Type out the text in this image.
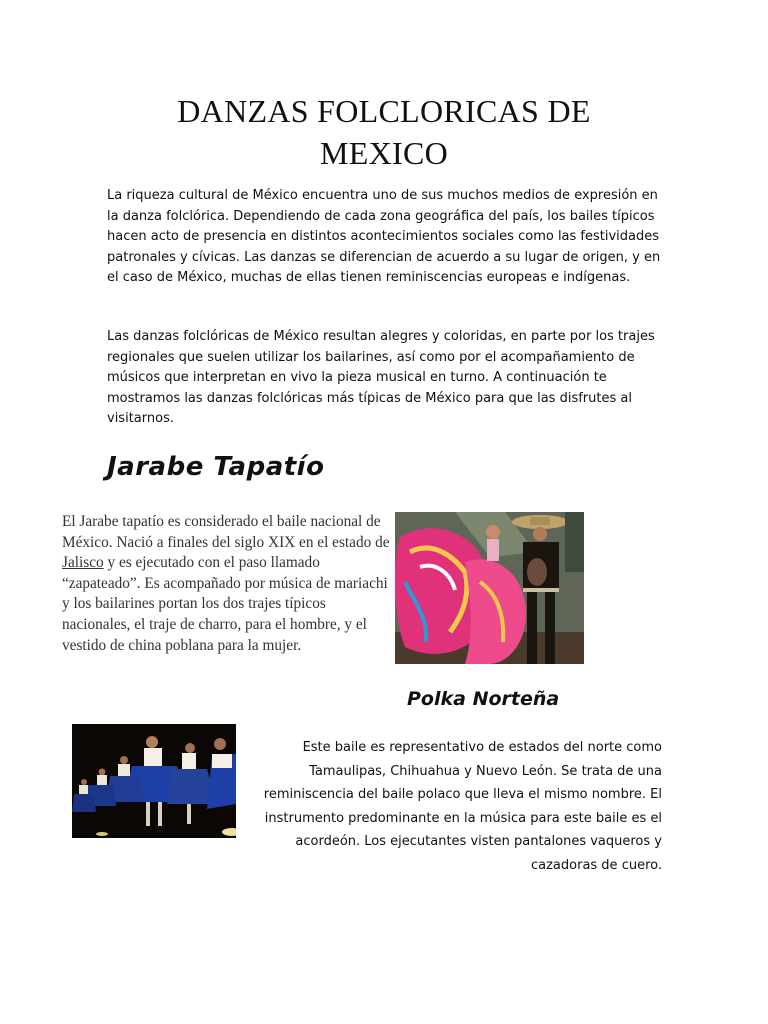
DANZAS FOLCLORICAS DE MEXICO

La riqueza cultural de México encuentra uno de sus muchos medios de expresión en la danza folclórica. Dependiendo de cada zona geográfica del país, los bailes típicos hacen acto de presencia en distintos acontecimientos sociales como las festividades patronales y cívicas. Las danzas se diferencian de acuerdo a su lugar de origen, y en el caso de México, muchas de ellas tienen reminiscencias europeas e indígenas.

Las danzas folclóricas de México resultan alegres y coloridas, en parte por los trajes regionales que suelen utilizar los bailarines, así como por el acompañamiento de músicos que interpretan en vivo la pieza musical en turno. A continuación te mostramos las danzas folclóricas más típicas de México para que las disfrutes al visitarnos.

Jarabe Tapatío

El Jarabe tapatío es considerado el baile nacional de México. Nació a finales del siglo XIX en el estado de Jalisco y es ejecutado con el paso llamado “zapateado”. Es acompañado por música de mariachi y los bailarines portan los dos trajes típicos nacionales, el traje de charro, para el hombre, y el vestido de china poblana para la mujer.

Polka Norteña

Este baile es representativo de estados del norte como Tamaulipas, Chihuahua y Nuevo León. Se trata de una reminiscencia del baile polaco que lleva el mismo nombre. El instrumento predominante en la música para este baile es el acordeón. Los ejecutantes visten pantalones vaqueros y cazadoras de cuero.
